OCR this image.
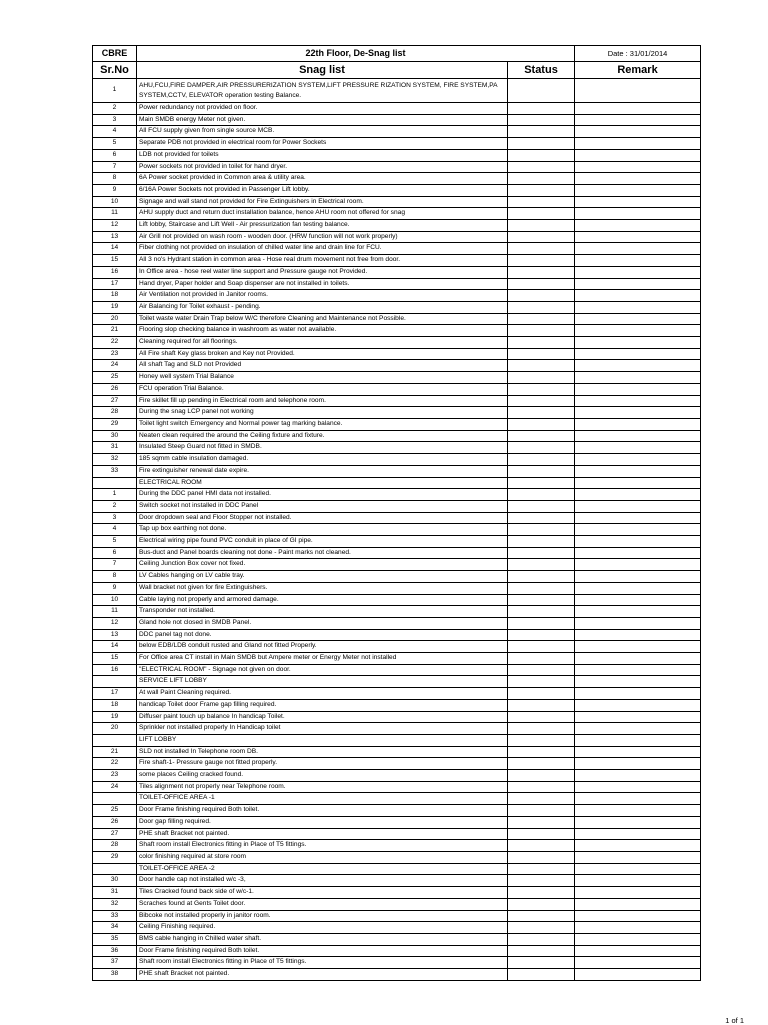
CBRE	22th Floor, De-Snag list		Date : 31/01/2014
Sr.No	Snag list	Status	Remark
1	AHU,FCU,FIRE DAMPER,AIR PRESSURERIZATION SYSTEM,LIFT PRESSURE RIZATION SYSTEM, FIRE SYSTEM,PA SYSTEM,CCTV, ELEVATOR operation testing Balance.		
2	Power redundancy not provided on floor.		
3	Main SMDB energy Meter not given.		
4	All FCU supply given from single source MCB.		
5	Separate PDB not provided in electrical room for Power Sockets		
6	LDB not provided for toilets		
7	Power sockets not provided in toilet for hand dryer.		
8	6A Power socket provided in Common area & utility area.		
9	6/16A Power Sockets not provided in Passenger Lift lobby.		
10	Signage and wall stand not provided for Fire Extinguishers in Electrical room.		
11	AHU supply duct and return duct installation balance, hence AHU room not offered for snag		
12	Lift lobby, Staircase and Lift Well - Air pressurization fan testing balance.		
13	Air Grill not provided on wash room - wooden door. (HRW function will not work properly)		
14	Fiber clothing not provided on insulation of chilled water line and drain line for FCU.		
15	All 3 no's Hydrant station in common area - Hose real drum movement not free from door.		
16	In Office area - hose reel water line support and Pressure gauge not Provided.		
17	Hand dryer, Paper holder and Soap dispenser are not installed in toilets.		
18	Air Ventilation not provided in Janitor rooms.		
19	Air Balancing for Toilet exhaust - pending.		
20	Toilet waste water Drain Trap below W/C therefore Cleaning and Maintenance not Possible.		
21	Flooring slop checking balance in washroom as water not available.		
22	Cleaning required for all floorings.		
23	All Fire shaft Key glass broken and Key not Provided.		
24	All shaft Tag and SLD not Provided		
25	Honey well system Trial Balance		
26	FCU operation Trial Balance.		
27	Fire skillet fill up pending in Electrical room and telephone room.		
28	During the snag LCP panel not working		
29	Toilet light switch Emergency and Normal power tag marking balance.		
30	Neaten clean required the around the Ceiling fixture and fixture.		
31	Insulated Steep Guard not fitted in SMDB.		
32	185 sqmm cable insulation damaged.		
33	Fire extinguisher renewal date expire.		
	ELECTRICAL ROOM		
1	During the DDC panel HMI data not installed.		
2	Switch socket not installed in DDC Panel		
3	Door dropdown seal and Floor Stopper not installed.		
4	Tap up box earthing not done.		
5	Electrical wiring pipe found PVC conduit in place of GI pipe.		
6	Bus-duct and Panel boards cleaning not done - Paint marks not cleaned.		
7	Ceiling Junction Box cover not fixed.		
8	LV Cables hanging on LV cable tray.		
9	Wall bracket not given for fire Extinguishers.		
10	Cable laying not properly and armored damage.		
11	Transponder not installed.		
12	Gland hole not closed in SMDB Panel.		
13	DDC panel tag not done.		
14	below EDB/LDB conduit rusted and Gland not fitted Properly.		
15	For Office area CT install in Main SMDB but Ampere meter or Energy Meter not installed		
16	"ELECTRICAL ROOM" - Signage not given on door.		
	SERVICE LIFT LOBBY		
17	At wall Paint Cleaning required.		
18	handicap Toilet door Frame gap filling required.		
19	Diffuser paint touch up balance In handicap Toilet.		
20	Sprinkler not installed properly In Handicap toilet		
	LIFT LOBBY		
21	SLD not installed In Telephone room DB.		
22	Fire shaft-1- Pressure gauge not fitted properly.		
23	some places Ceiling cracked found.		
24	Tiles alignment not properly near Telephone room.		
	TOILET-OFFICE AREA -1		
25	Door Frame finishing required Both toilet.		
26	Door gap filling required.		
27	PHE shaft Bracket not painted.		
28	Shaft room install Electronics fitting in Place of T5 fittings.		
29	color finishing required at store room		
	TOILET-OFFICE AREA -2		
30	Door handle cap not installed w/c -3,		
31	Tiles Cracked found back side of w/c-1.		
32	Scraches found at Gents Toilet door.		
33	Bibcoke not installed properly in janitor room.		
34	Ceiling Finishing required.		
35	BMS cable hanging in Chilled water shaft.		
36	Door Frame finishing required Both toilet.		
37	Shaft room install Electronics fitting in Place of T5 fittings.		
38	PHE shaft Bracket not painted.		
1 of 1
